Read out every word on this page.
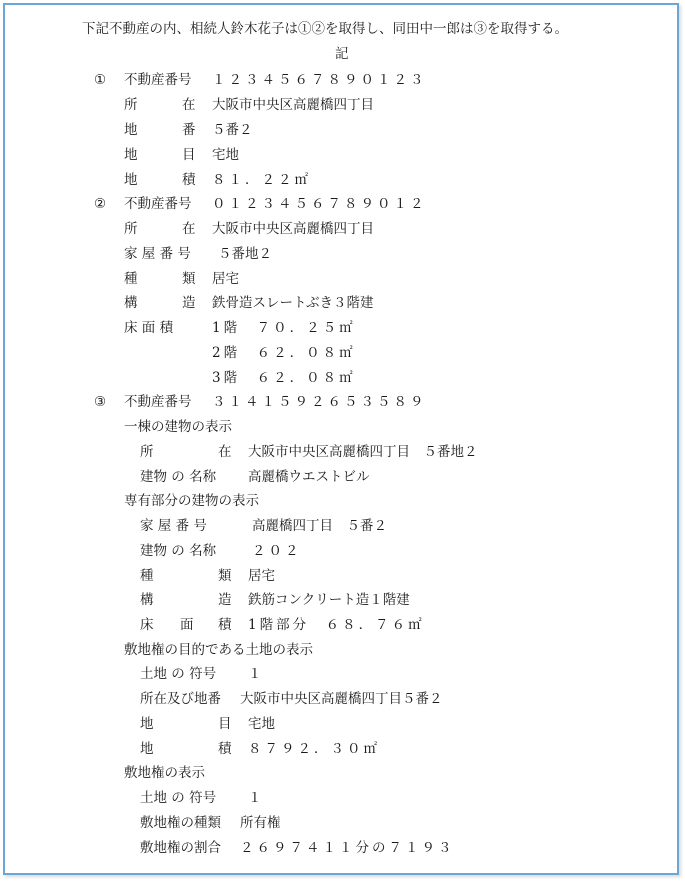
下記不動産の内、相続人鈴木花子は①②を取得し、同田中一郎は③を取得する。
記
① 不動産番号 １２３４５６７８９０１２３
所	在 大阪市中央区高麗橋四丁目
地	番 ５番２
地	目 宅地
地	積 ８１．２２㎡
② 不動産番号 ０１２３４５６７８９０１２
所	在 大阪市中央区高麗橋四丁目
家 屋 番 号 ５番地２
種	類 居宅
構	造 鉄骨造スレートぶき３階建
床 面 積	1階　７０．２５㎡
2階　６２．０８㎡
3階　６２．０８㎡
③ 不動産番号 ３１４１５９２６５３５８９
一棟の建物の表示
所	在 大阪市中央区高麗橋四丁目　５番地２
建物 の 名称 高麗橋ウエストビル
専有部分の建物の表示
家 屋 番 号	高麗橋四丁目　５番２
建物 の 名称	２０２
種	類 居宅
構	造 鉄筋コンクリート造１階建
床 面 積 1階部分　６８．７６㎡
敷地権の目的である土地の表示
土地 の 符号 １
所在及び地番 大阪市中央区高麗橋四丁目５番２
地	目 宅地
地	積 ８７９２．３０㎡
敷地権の表示
土地 の 符号 １
敷地権の種類 所有権
敷地権の割合 ２６９７４１１分の７１９３
